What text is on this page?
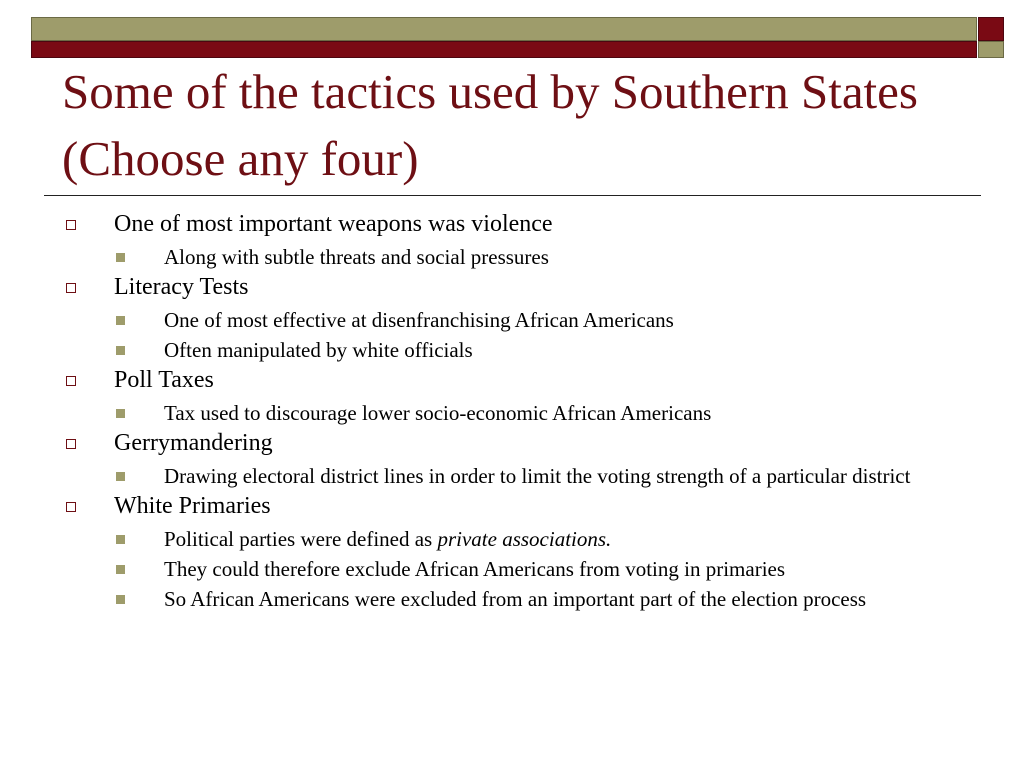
Some of the tactics used by Southern States (Choose any four)
One of most important weapons was violence
Along with subtle threats and social pressures
Literacy Tests
One of most effective at disenfranchising African Americans
Often manipulated by white officials
Poll Taxes
Tax used to discourage lower socio-economic African Americans
Gerrymandering
Drawing electoral district lines in order to limit the voting strength of a particular district
White Primaries
Political parties were defined as private associations.
They could therefore exclude African Americans from voting in primaries
So African Americans were excluded from an important part of the election process
